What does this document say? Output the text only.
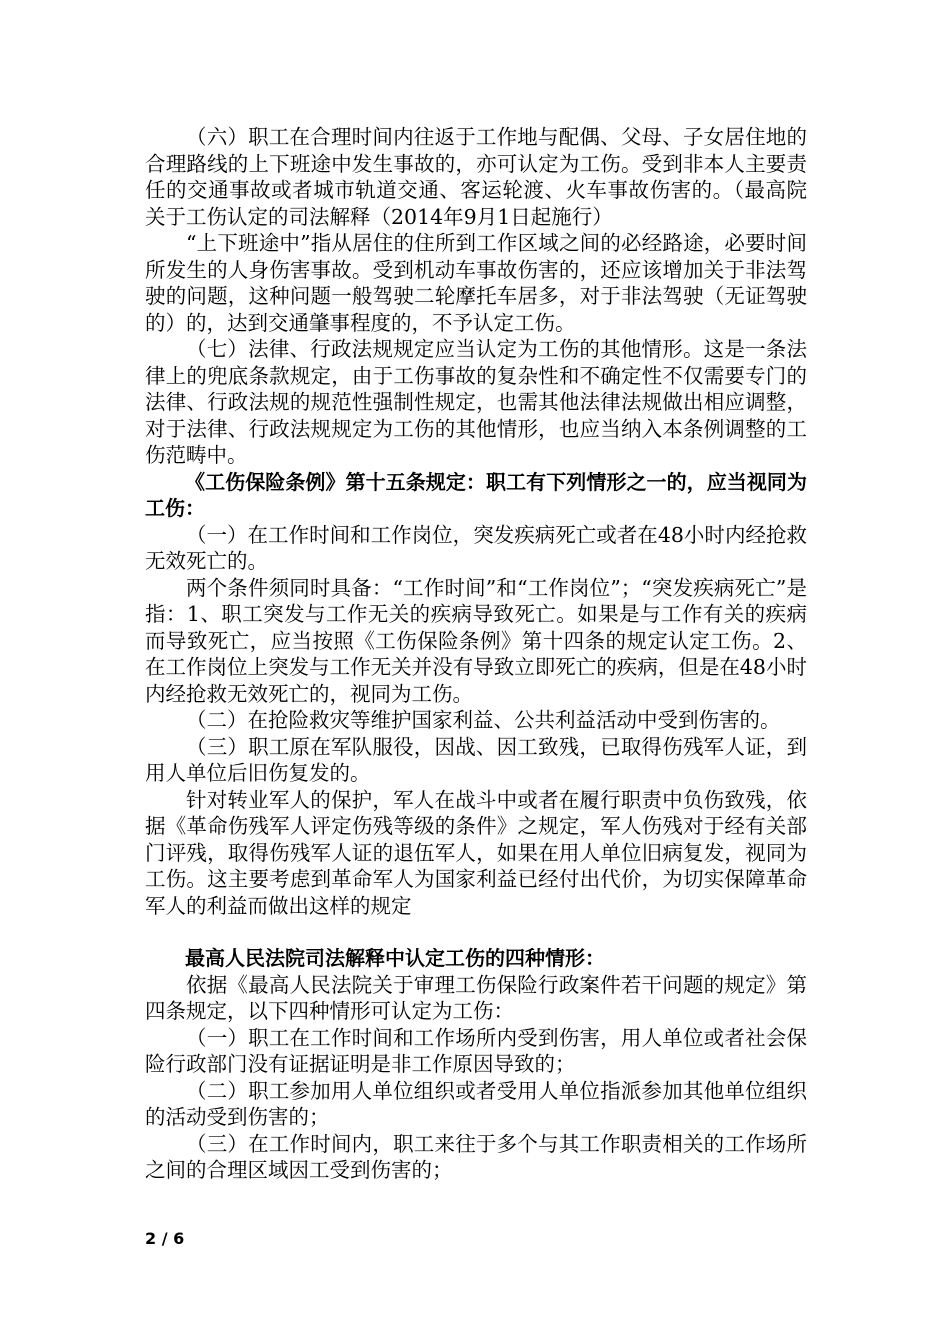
（六）职工在合理时间内往返于工作地与配偶、父母、子女居住地的合理路线的上下班途中发生事故的，亦可认定为工伤。受到非本人主要责任的交通事故或者城市轨道交通、客运轮渡、火车事故伤害的。（最高院关于工伤认定的司法解释（2014年9月1日起施行）

“上下班途中”指从居住的住所到工作区域之间的必经路途，必要时间所发生的人身伤害事故。受到机动车事故伤害的，还应该增加关于非法驾驶的问题，这种问题一般驾驶二轮摩托车居多，对于非法驾驶（无证驾驶的）的，达到交通肇事程度的，不予认定工伤。

（七）法律、行政法规规定应当认定为工伤的其他情形。这是一条法律上的兜底条款规定，由于工伤事故的复杂性和不确定性不仅需要专门的法律、行政法规的规范性强制性规定，也需其他法律法规做出相应调整，对于法律、行政法规规定为工伤的其他情形，也应当纳入本条例调整的工伤范畴中。

《工伤保险条例》第十五条规定：职工有下列情形之一的，应当视同为工伤：

（一）在工作时间和工作岗位，突发疾病死亡或者在48小时内经抢救无效死亡的。

两个条件须同时具备：“工作时间”和“工作岗位”；“突发疾病死亡”是指：1、职工突发与工作无关的疾病导致死亡。如果是与工作有关的疾病而导致死亡，应当按照《工伤保险条例》第十四条的规定认定工伤。2、在工作岗位上突发与工作无关并没有导致立即死亡的疾病，但是在48小时内经抢救无效死亡的，视同为工伤。

（二）在抢险救灾等维护国家利益、公共利益活动中受到伤害的。

（三）职工原在军队服役，因战、因工致残，已取得伤残军人证，到用人单位后旧伤复发的。

针对转业军人的保护，军人在战斗中或者在履行职责中负伤致残，依据《革命伤残军人评定伤残等级的条件》之规定，军人伤残对于经有关部门评残，取得伤残军人证的退伍军人，如果在用人单位旧病复发，视同为工伤。这主要考虑到革命军人为国家利益已经付出代价，为切实保障革命军人的利益而做出这样的规定

最高人民法院司法解释中认定工伤的四种情形：

依据《最高人民法院关于审理工伤保险行政案件若干问题的规定》第四条规定，以下四种情形可认定为工伤：

（一）职工在工作时间和工作场所内受到伤害，用人单位或者社会保险行政部门没有证据证明是非工作原因导致的；

（二）职工参加用人单位组织或者受用人单位指派参加其他单位组织的活动受到伤害的；

（三）在工作时间内，职工来往于多个与其工作职责相关的工作场所之间的合理区域因工受到伤害的；

2 / 6
